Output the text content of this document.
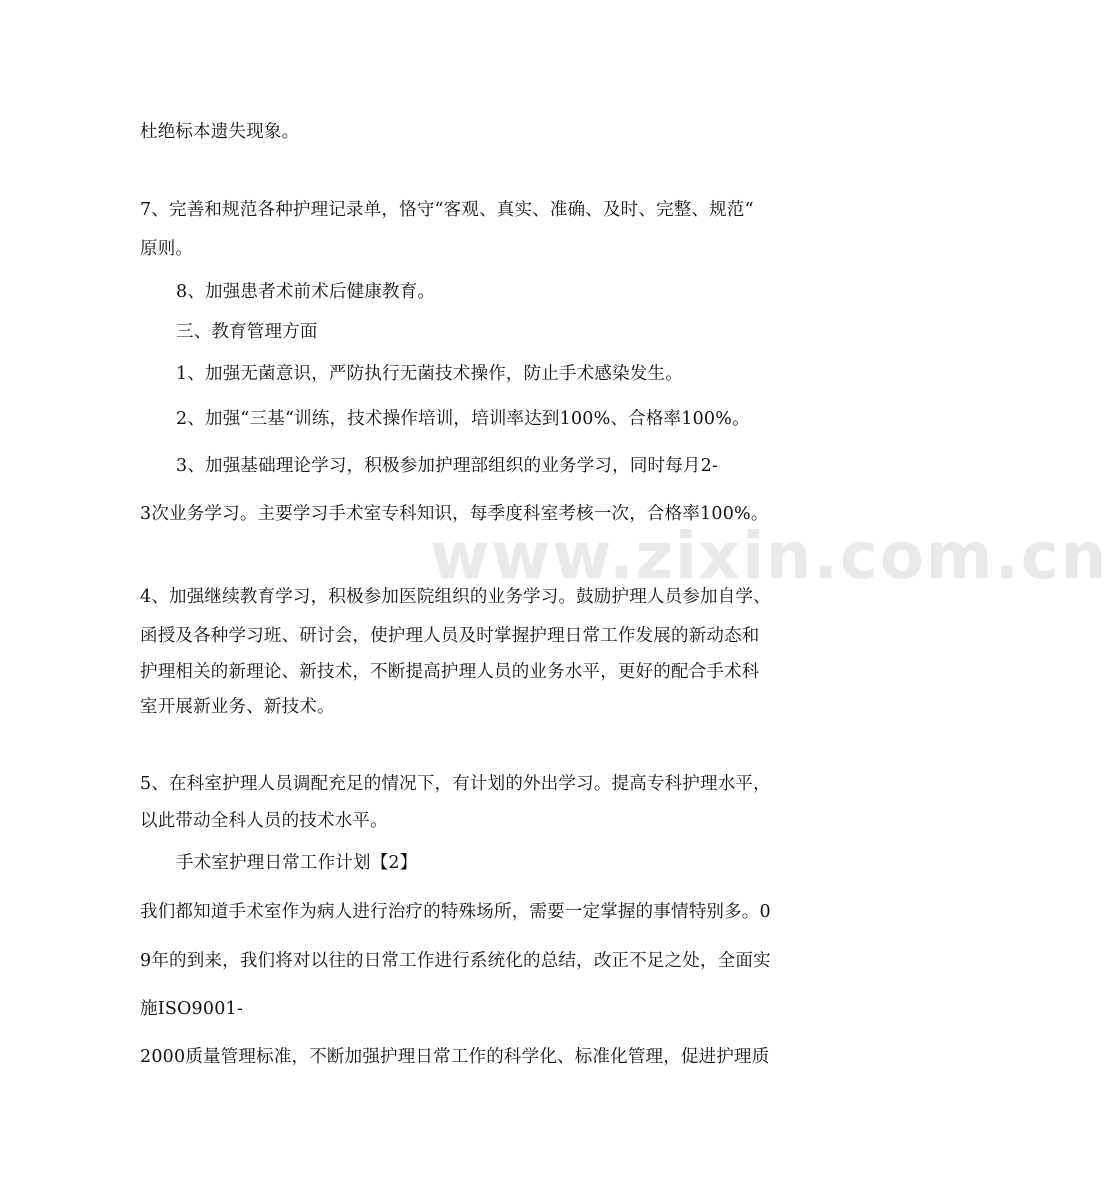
www.zixin.com.cn
杜绝标本遗失现象。
7、完善和规范各种护理记录单，恪守“客观、真实、准确、及时、完整、规范“
原则。
8、加强患者术前术后健康教育。
三、教育管理方面
1、加强无菌意识，严防执行无菌技术操作，防止手术感染发生。
2、加强“三基“训练，技术操作培训，培训率达到100%、合格率100%。
3、加强基础理论学习，积极参加护理部组织的业务学习，同时每月2-
3次业务学习。主要学习手术室专科知识，每季度科室考核一次，合格率100%。
4、加强继续教育学习，积极参加医院组织的业务学习。鼓励护理人员参加自学、
函授及各种学习班、研讨会，使护理人员及时掌握护理日常工作发展的新动态和
护理相关的新理论、新技术，不断提高护理人员的业务水平，更好的配合手术科
室开展新业务、新技术。
5、在科室护理人员调配充足的情况下，有计划的外出学习。提高专科护理水平，
以此带动全科人员的技术水平。
手术室护理日常工作计划【2】
我们都知道手术室作为病人进行治疗的特殊场所，需要一定掌握的事情特别多。0
9年的到来，我们将对以往的日常工作进行系统化的总结，改正不足之处，全面实
施ISO9001-
2000质量管理标准，不断加强护理日常工作的科学化、标准化管理，促进护理质
